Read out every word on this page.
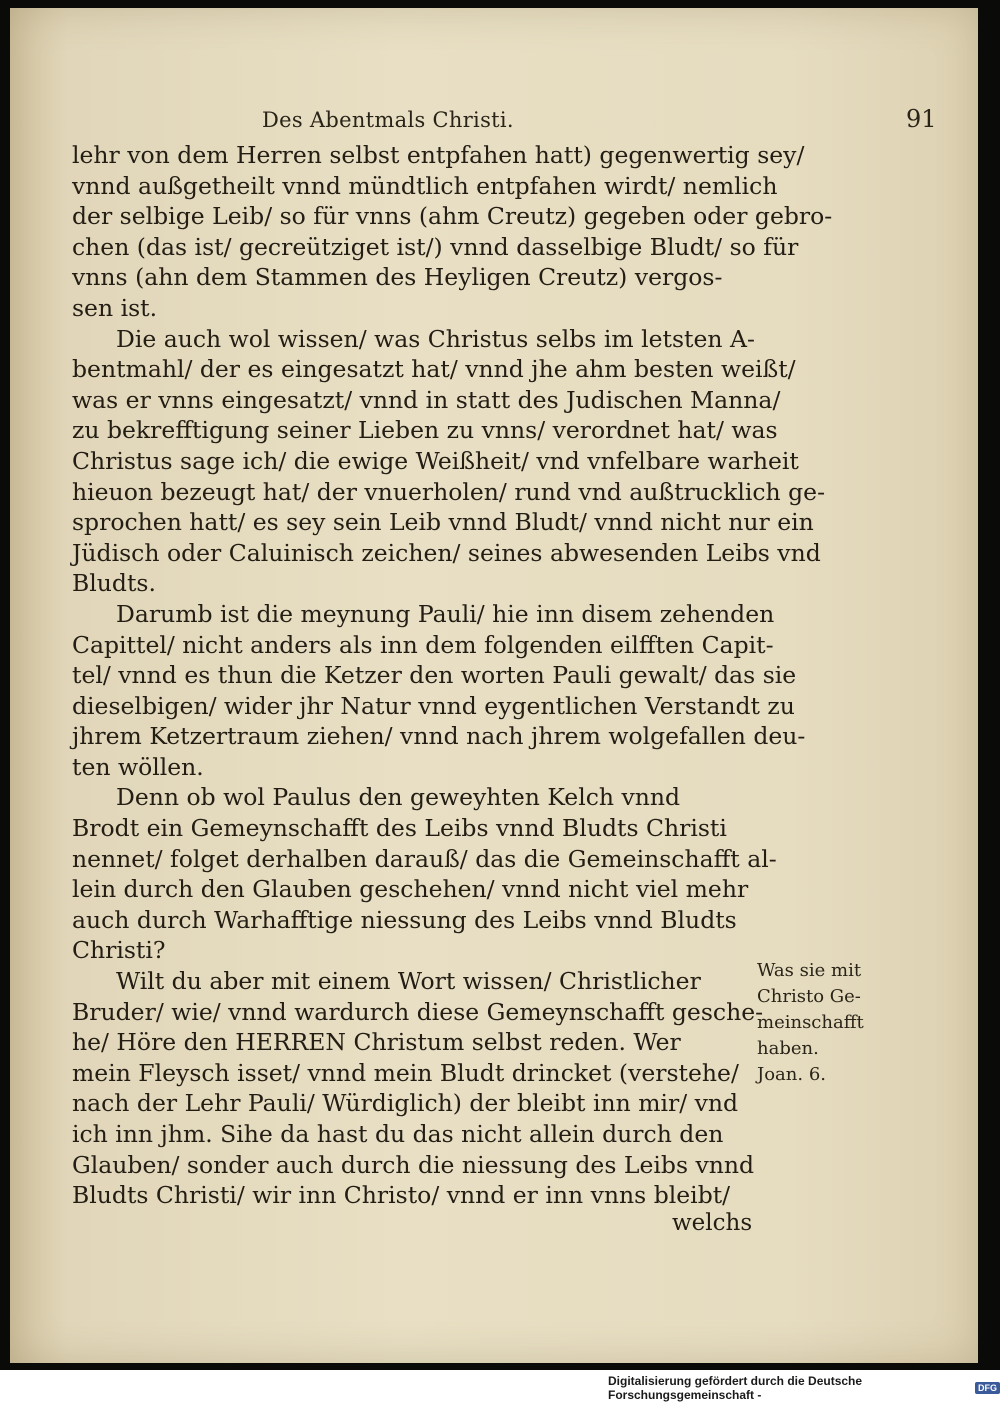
Des Abentmals Christi.	91
lehr von dem Herren selbst entpfahen hatt) gegenwertig sey/
vnnd außgetheilt vnnd mündtlich entpfahen wirdt/ nemlich
der selbige Leib/ so für vnns (ahm Creutz) gegeben oder gebro-
chen (das ist/ gecreütziget ist/) vnnd dasselbige Bludt/ so für
vnns (ahn dem Stammen des Heyligen Creutz) vergos-
sen ist.
Die auch wol wissen/ was Christus selbs im letsten A-
bentmahl/ der es eingesatzt hat/ vnnd jhe ahm besten weißt/
was er vnns eingesatzt/ vnnd in statt des Judischen Manna/
zu bekrefftigung seiner Lieben zu vnns/ verordnet hat/ was
Christus sage ich/ die ewige Weißheit/ vnd vnfelbare warheit
hieuon bezeugt hat/ der vnuerholen/ rund vnd außtrucklich ge-
sprochen hatt/ es sey sein Leib vnnd Bludt/ vnnd nicht nur ein
Jüdisch oder Caluinisch zeichen/ seines abwesenden Leibs vnd
Bludts.
Darumb ist die meynung Pauli/ hie inn disem zehenden
Capittel/ nicht anders als inn dem folgenden eilfften Capit-
tel/ vnnd es thun die Ketzer den worten Pauli gewalt/ das sie
dieselbigen/ wider jhr Natur vnnd eygentlichen Verstandt zu
jhrem Ketzertraum ziehen/ vnnd nach jhrem wolgefallen deu-
ten wöllen.
Denn ob wol Paulus den geweyhten Kelch vnnd
Brodt ein Gemeynschafft des Leibs vnnd Bludts Christi
nennet/ folget derhalben darauß/ das die Gemeinschafft al-
lein durch den Glauben geschehen/ vnnd nicht viel mehr
auch durch Warhafftige niessung des Leibs vnnd Bludts
Christi?
Wilt du aber mit einem Wort wissen/ Christlicher
Bruder/ wie/ vnnd wardurch diese Gemeynschafft gesche-
he/ Höre den HERREN Christum selbst reden. Wer
mein Fleysch isset/ vnnd mein Bludt drincket (verstehe/
nach der Lehr Pauli/ Würdiglich) der bleibt inn mir/ vnd
ich inn jhm. Sihe da hast du das nicht allein durch den
Glauben/ sonder auch durch die niessung des Leibs vnnd
Bludts Christi/ wir inn Christo/ vnnd er inn vnns bleibt/
Was sie mit
Christo Ge-
meinschafft
haben.
Joan. 6.
welchs
Digitalisierung gefördert durch die Deutsche Forschungsgemeinschaft -	DFG
